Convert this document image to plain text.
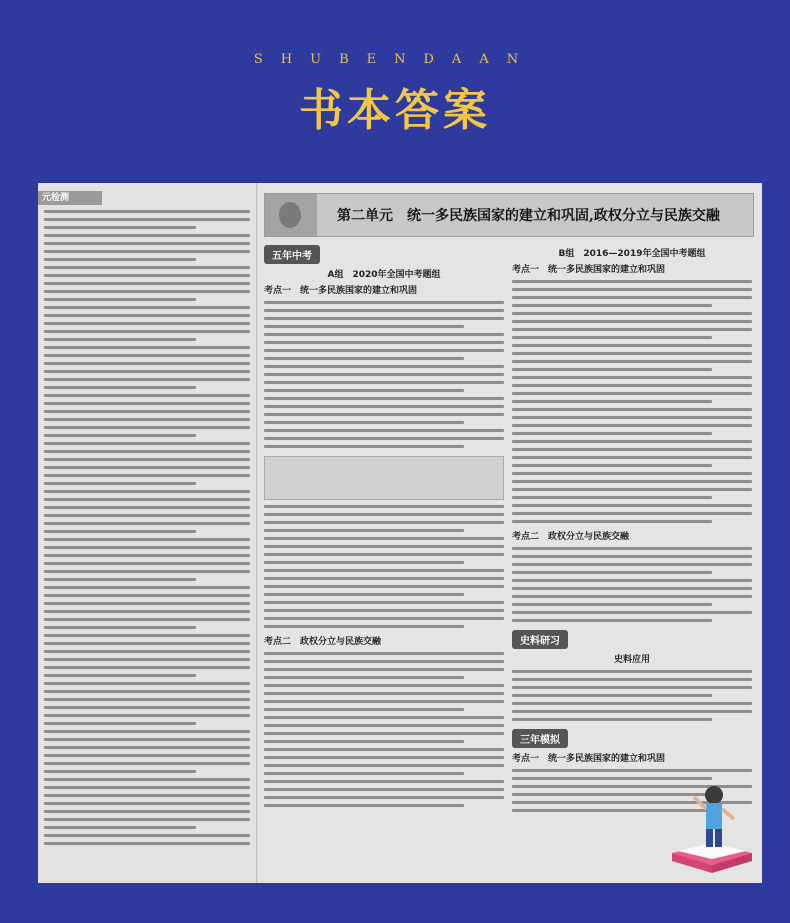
SHUBENDAAN
书本答案
元检测
第二单元　统一多民族国家的建立和巩固,政权分立与民族交融
五年中考
A组　2020年全国中考题组
考点一　统一多民族国家的建立和巩固
考点二　政权分立与民族交融
B组　2016—2019年全国中考题组
考点一　统一多民族国家的建立和巩固
考点二　政权分立与民族交融
史料研习
史料应用
三年模拟
考点一　统一多民族国家的建立和巩固
